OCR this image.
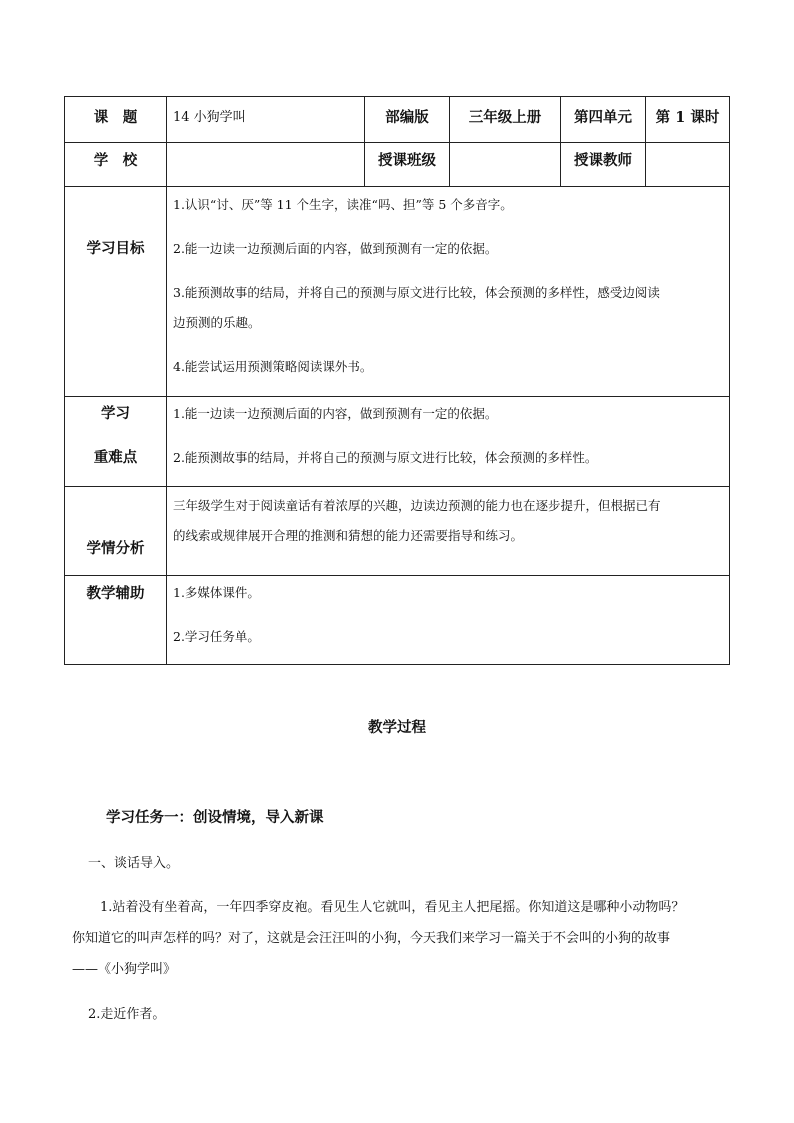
课　题	14 小狗学叫	部编版	三年级上册	第四单元	第 1 课时
学　校		授课班级		授课教师	
学习目标	1.认识“讨、厌”等 11 个生字，读准“吗、担”等 5 个多音字。
2.能一边读一边预测后面的内容，做到预测有一定的依据。
3.能预测故事的结局，并将自己的预测与原文进行比较，体会预测的多样性，感受边阅读
边预测的乐趣。
4.能尝试运用预测策略阅读课外书。				

学习
重难点	1.能一边读一边预测后面的内容，做到预测有一定的依据。
2.能预测故事的结局，并将自己的预测与原文进行比较，体会预测的多样性。				

学情分析	三年级学生对于阅读童话有着浓厚的兴趣，边读边预测的能力也在逐步提升，但根据已有
的线索或规律展开合理的推测和猜想的能力还需要指导和练习。				

教学辅助	1.多媒体课件。
2.学习任务单。				
教学过程
学习任务一：创设情境，导入新课
一、谈话导入。
1.站着没有坐着高，一年四季穿皮袍。看见生人它就叫，看见主人把尾摇。你知道这是哪种小动物吗？
你知道它的叫声怎样的吗？对了，这就是会汪汪叫的小狗，今天我们来学习一篇关于不会叫的小狗的故事
——《小狗学叫》
2.走近作者。
